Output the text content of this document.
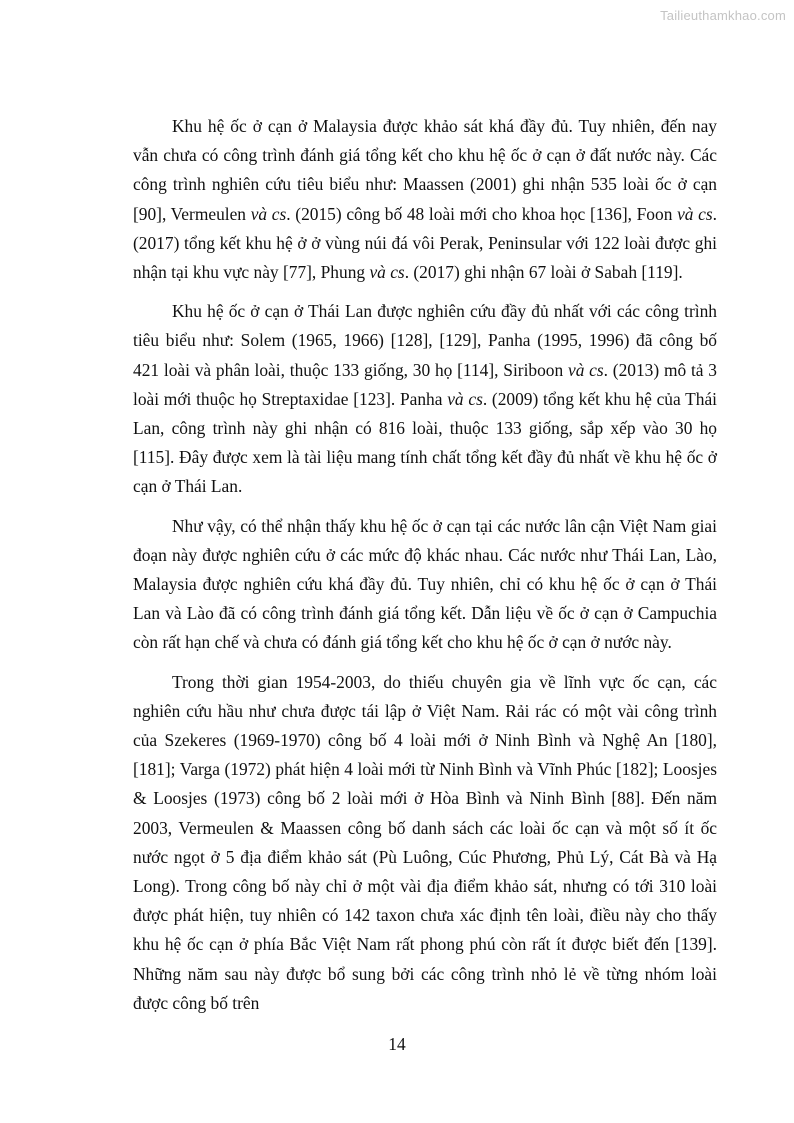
Tailieuthamkhao.com

Khu hệ ốc ở cạn ở Malaysia được khảo sát khá đầy đủ. Tuy nhiên, đến nay vẫn chưa có công trình đánh giá tổng kết cho khu hệ ốc ở cạn ở đất nước này. Các công trình nghiên cứu tiêu biểu như: Maassen (2001) ghi nhận 535 loài ốc ở cạn [90], Vermeulen và cs. (2015) công bố 48 loài mới cho khoa học [136], Foon và cs. (2017) tổng kết khu hệ ở ở vùng núi đá vôi Perak, Peninsular với 122 loài được ghi nhận tại khu vực này [77], Phung và cs. (2017) ghi nhận 67 loài ở Sabah [119].

Khu hệ ốc ở cạn ở Thái Lan được nghiên cứu đầy đủ nhất với các công trình tiêu biểu như: Solem (1965, 1966) [128], [129], Panha (1995, 1996) đã công bố 421 loài và phân loài, thuộc 133 giống, 30 họ [114], Siriboon và cs. (2013) mô tả 3 loài mới thuộc họ Streptaxidae [123]. Panha và cs. (2009) tổng kết khu hệ của Thái Lan, công trình này ghi nhận có 816 loài, thuộc 133 giống, sắp xếp vào 30 họ [115]. Đây được xem là tài liệu mang tính chất tổng kết đầy đủ nhất về khu hệ ốc ở cạn ở Thái Lan.

Như vậy, có thể nhận thấy khu hệ ốc ở cạn tại các nước lân cận Việt Nam giai đoạn này được nghiên cứu ở các mức độ khác nhau. Các nước như Thái Lan, Lào, Malaysia được nghiên cứu khá đầy đủ. Tuy nhiên, chỉ có khu hệ ốc ở cạn ở Thái Lan và Lào đã có công trình đánh giá tổng kết. Dẫn liệu về ốc ở cạn ở Campuchia còn rất hạn chế và chưa có đánh giá tổng kết cho khu hệ ốc ở cạn ở nước này.

Trong thời gian 1954-2003, do thiếu chuyên gia về lĩnh vực ốc cạn, các nghiên cứu hầu như chưa được tái lập ở Việt Nam. Rải rác có một vài công trình của Szekeres (1969-1970) công bố 4 loài mới ở Ninh Bình và Nghệ An [180], [181]; Varga (1972) phát hiện 4 loài mới từ Ninh Bình và Vĩnh Phúc [182]; Loosjes & Loosjes (1973) công bố 2 loài mới ở Hòa Bình và Ninh Bình [88]. Đến năm 2003, Vermeulen & Maassen công bố danh sách các loài ốc cạn và một số ít ốc nước ngọt ở 5 địa điểm khảo sát (Pù Luông, Cúc Phương, Phủ Lý, Cát Bà và Hạ Long). Trong công bố này chỉ ở một vài địa điểm khảo sát, nhưng có tới 310 loài được phát hiện, tuy nhiên có 142 taxon chưa xác định tên loài, điều này cho thấy khu hệ ốc cạn ở phía Bắc Việt Nam rất phong phú còn rất ít được biết đến [139]. Những năm sau này được bổ sung bởi các công trình nhỏ lẻ về từng nhóm loài được công bố trên

14
